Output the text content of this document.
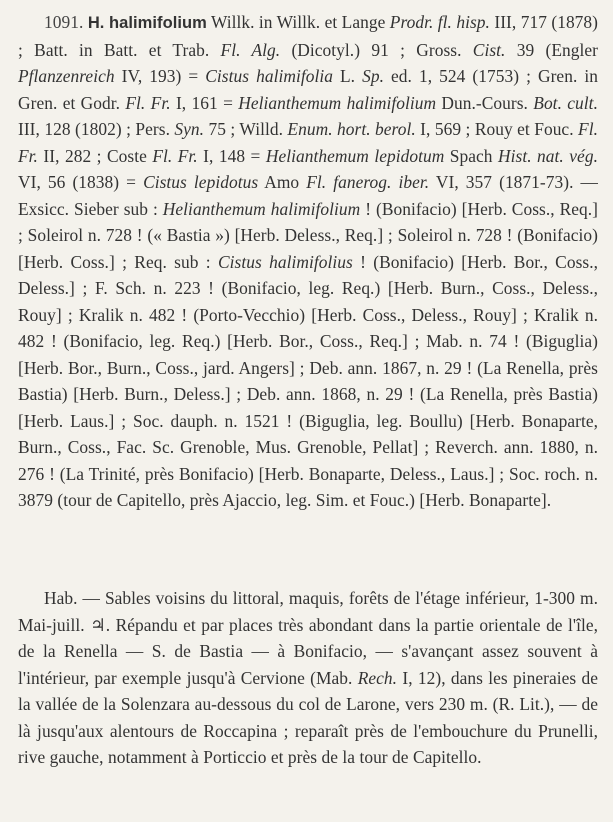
1091. H. halimifolium Willk. in Willk. et Lange Prodr. fl. hisp. III, 717 (1878) ; Batt. in Batt. et Trab. Fl. Alg. (Dicotyl.) 91 ; Gross. Cist. 39 (Engler Pflanzenreich IV, 193) = Cistus halimifolia L. Sp. ed. 1, 524 (1753) ; Gren. in Gren. et Godr. Fl. Fr. I, 161 = Helianthemum halimifolium Dun.-Cours. Bot. cult. III, 128 (1802) ; Pers. Syn. 75 ; Willd. Enum. hort. berol. I, 569 ; Rouy et Fouc. Fl. Fr. II, 282 ; Coste Fl. Fr. I, 148 = Helianthemum lepidotum Spach Hist. nat. vég. VI, 56 (1838) = Cistus lepidotus Amo Fl. fanerog. iber. VI, 357 (1871-73). — Exsicc. Sieber sub : Helianthemum halimifolium ! (Bonifacio) [Herb. Coss., Req.] ; Soleirol n. 728 ! (« Bastia ») [Herb. Deless., Req.] ; Soleirol n. 728 ! (Bonifacio) [Herb. Coss.] ; Req. sub : Cistus halimifolius ! (Bonifacio) [Herb. Bor., Coss., Deless.] ; F. Sch. n. 223 ! (Bonifacio, leg. Req.) [Herb. Burn., Coss., Deless., Rouy] ; Kralik n. 482 ! (Porto-Vecchio) [Herb. Coss., Deless., Rouy] ; Kralik n. 482 ! (Bonifacio, leg. Req.) [Herb. Bor., Coss., Req.] ; Mab. n. 74 ! (Biguglia) [Herb. Bor., Burn., Coss., jard. Angers] ; Deb. ann. 1867, n. 29 ! (La Renella, près Bastia) [Herb. Burn., Deless.] ; Deb. ann. 1868, n. 29 ! (La Renella, près Bastia) [Herb. Laus.] ; Soc. dauph. n. 1521 ! (Biguglia, leg. Boullu) [Herb. Bonaparte, Burn., Coss., Fac. Sc. Grenoble, Mus. Grenoble, Pellat] ; Reverch. ann. 1880, n. 276 ! (La Trinité, près Bonifacio) [Herb. Bonaparte, Deless., Laus.] ; Soc. roch. n. 3879 (tour de Capitello, près Ajaccio, leg. Sim. et Fouc.) [Herb. Bonaparte].
Hab. — Sables voisins du littoral, maquis, forêts de l'étage inférieur, 1-300 m. Mai-juill. ♃. Répandu et par places très abondant dans la partie orientale de l'île, de la Renella — S. de Bastia — à Bonifacio, — s'avançant assez souvent à l'intérieur, par exemple jusqu'à Cervione (Mab. Rech. I, 12), dans les pineraies de la vallée de la Solenzara au-dessous du col de Larone, vers 230 m. (R. Lit.), — de là jusqu'aux alentours de Roccapina ; reparaît près de l'embouchure du Prunelli, rive gauche, notamment à Porticcio et près de la tour de Capitello.
